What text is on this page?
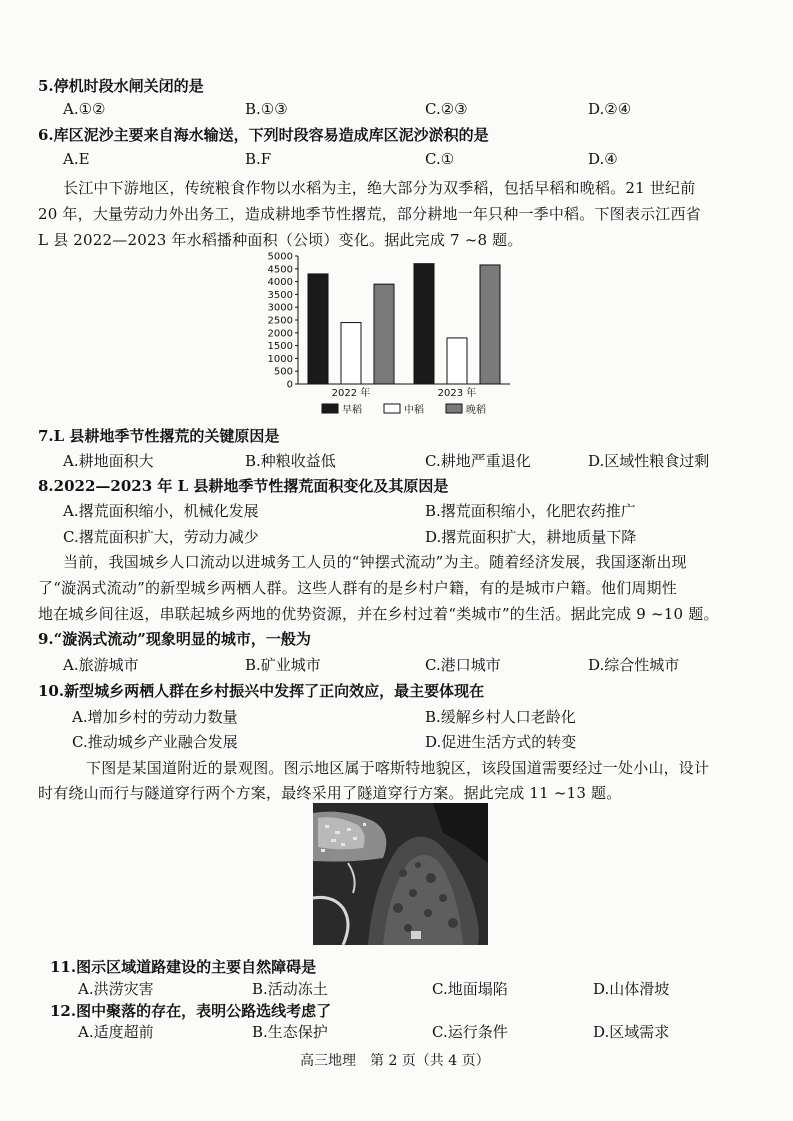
5.停机时段水闸关闭的是
A.①②	B.①③	C.②③	D.②④
6.库区泥沙主要来自海水输送，下列时段容易造成库区泥沙淤积的是
A.E	B.F	C.①	D.④
长江中下游地区，传统粮食作物以水稻为主，绝大部分为双季稻，包括早稻和晚稻。21 世纪前
20 年，大量劳动力外出务工，造成耕地季节性撂荒，部分耕地一年只种一季中稻。下图表示江西省
L 县 2022—2023 年水稻播种面积（公顷）变化。据此完成 7 ~8 题。
0
500
1000
1500
2000
2500
3000
3500
4000
4500
5000
2022 年	2023 年
早稻	中稻	晚稻
7.L 县耕地季节性撂荒的关键原因是
A.耕地面积大	B.种粮收益低	C.耕地严重退化	D.区域性粮食过剩
8.2022—2023 年 L 县耕地季节性撂荒面积变化及其原因是
A.撂荒面积缩小，机械化发展	B.撂荒面积缩小，化肥农药推广
C.撂荒面积扩大，劳动力减少	D.撂荒面积扩大，耕地质量下降
当前，我国城乡人口流动以进城务工人员的“钟摆式流动”为主。随着经济发展，我国逐渐出现
了“漩涡式流动”的新型城乡两栖人群。这些人群有的是乡村户籍，有的是城市户籍。他们周期性
地在城乡间往返，串联起城乡两地的优势资源，并在乡村过着“类城市”的生活。据此完成 9 ~10 题。
9.“漩涡式流动”现象明显的城市，一般为
A.旅游城市	B.矿业城市	C.港口城市	D.综合性城市
10.新型城乡两栖人群在乡村振兴中发挥了正向效应，最主要体现在
A.增加乡村的劳动力数量	B.缓解乡村人口老龄化
C.推动城乡产业融合发展	D.促进生活方式的转变
下图是某国道附近的景观图。图示地区属于喀斯特地貌区，该段国道需要经过一处小山，设计
时有绕山而行与隧道穿行两个方案，最终采用了隧道穿行方案。据此完成 11 ~13 题。
11.图示区域道路建设的主要自然障碍是
A.洪涝灾害	B.活动冻土	C.地面塌陷	D.山体滑坡
12.图中聚落的存在，表明公路选线考虑了
A.适度超前	B.生态保护	C.运行条件	D.区域需求
高三地理　第 2 页（共 4 页）
